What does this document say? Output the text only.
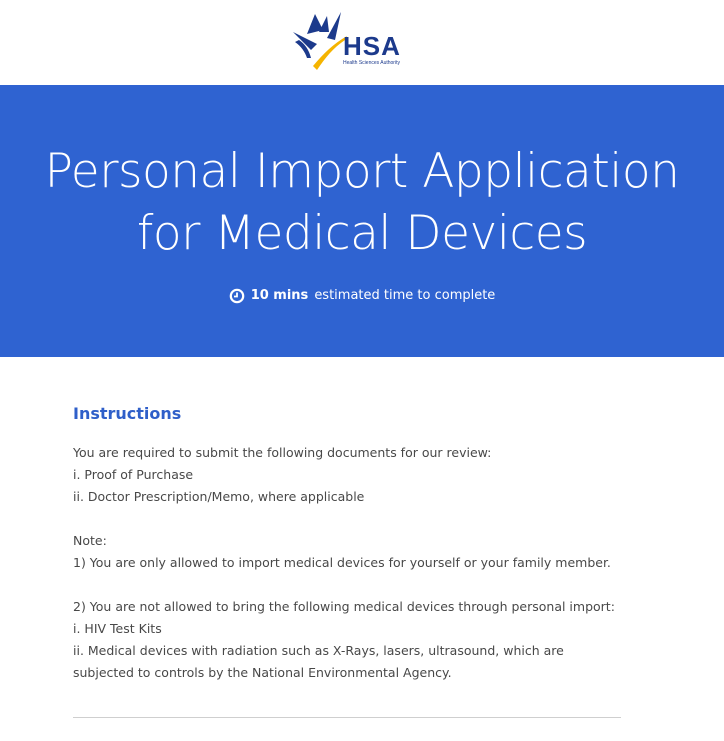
HSA
Health Sciences Authority
Personal Import Application
for Medical Devices
10 mins estimated time to complete
Instructions
You are required to submit the following documents for our review:
i. Proof of Purchase
ii. Doctor Prescription/Memo, where applicable
Note:
1) You are only allowed to import medical devices for yourself or your family member.
2) You are not allowed to bring the following medical devices through personal import:
i. HIV Test Kits
ii. Medical devices with radiation such as X-Rays, lasers, ultrasound, which are
subjected to controls by the National Environmental Agency.
